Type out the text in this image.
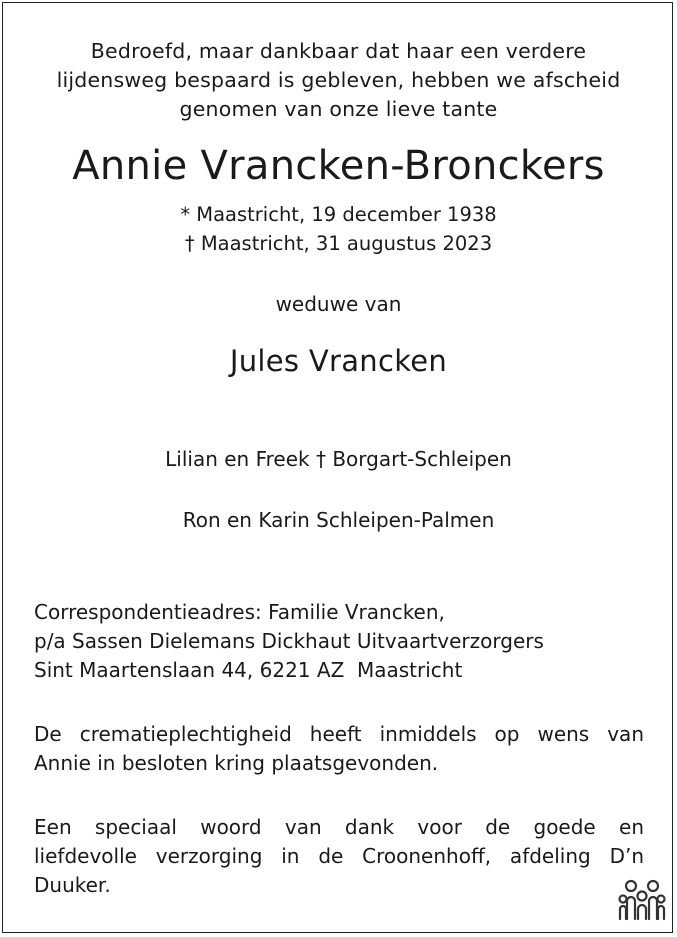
Bedroefd, maar dankbaar dat haar een verdere
lijdensweg bespaard is gebleven, hebben we afscheid
genomen van onze lieve tante
Annie Vrancken-Bronckers
* Maastricht, 19 december 1938
† Maastricht, 31 augustus 2023
weduwe van
Jules Vrancken
Lilian en Freek † Borgart-Schleipen
Ron en Karin Schleipen-Palmen
Correspondentieadres: Familie Vrancken,
p/a Sassen Dielemans Dickhaut Uitvaartverzorgers
Sint Maartenslaan 44, 6221 AZ  Maastricht
De crematieplechtigheid heeft inmiddels op wens van
Annie in besloten kring plaatsgevonden.
Een speciaal woord van dank voor de goede en
liefdevolle verzorging in de Croonenhoff, afdeling D’n
Duuker.
